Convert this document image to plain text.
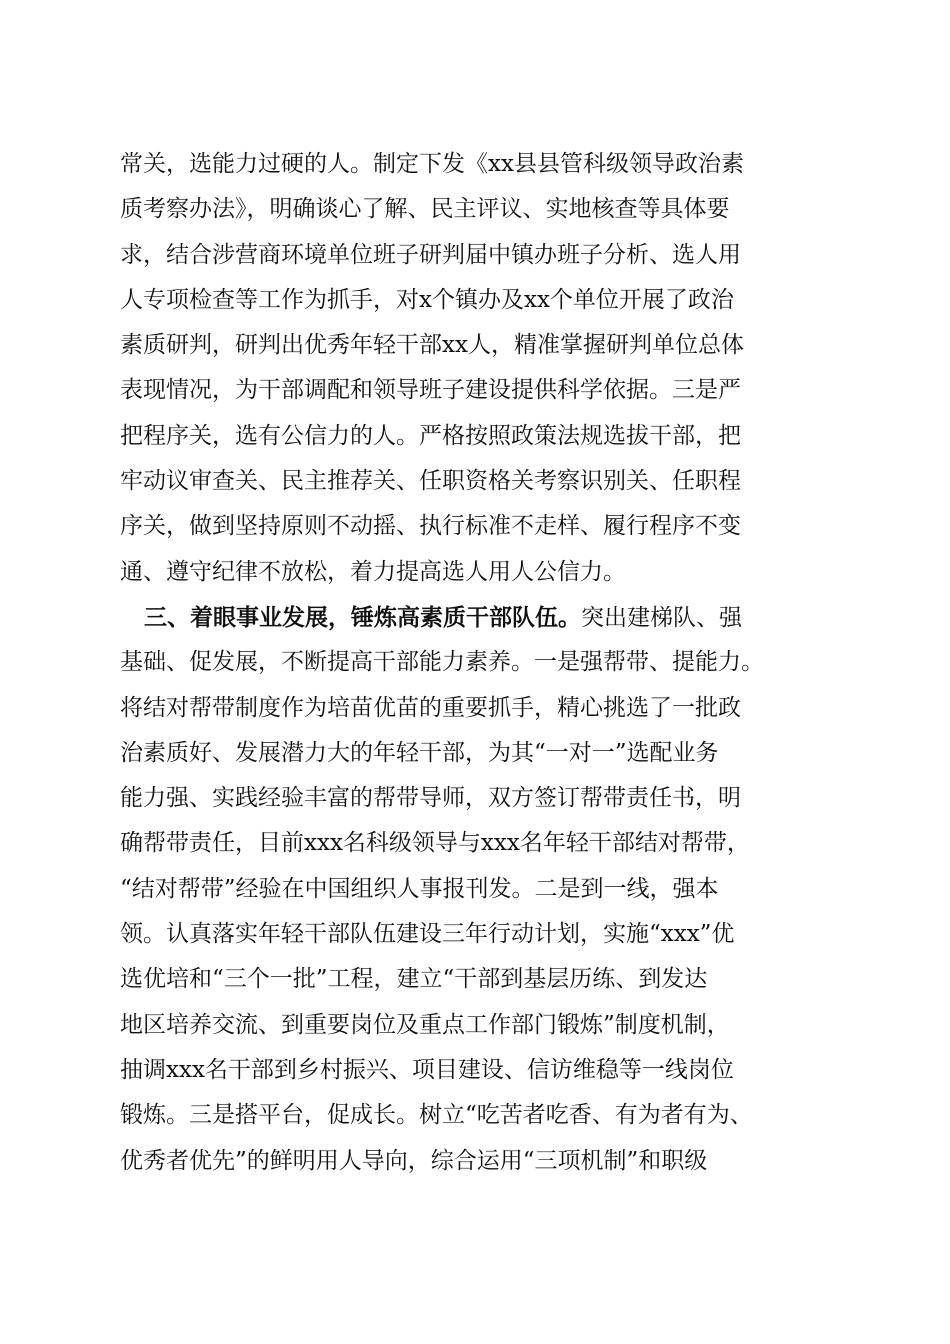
常关，选能力过硬的人。制定下发《xx县县管科级领导政治素
质考察办法》，明确谈心了解、民主评议、实地核查等具体要
求，结合涉营商环境单位班子研判届中镇办班子分析、选人用
人专项检查等工作为抓手，对x个镇办及xx个单位开展了政治
素质研判，研判出优秀年轻干部xx人，精准掌握研判单位总体
表现情况，为干部调配和领导班子建设提供科学依据。三是严
把程序关，选有公信力的人。严格按照政策法规选拔干部，把
牢动议审查关、民主推荐关、任职资格关考察识别关、任职程
序关，做到坚持原则不动摇、执行标准不走样、履行程序不变
通、遵守纪律不放松，着力提高选人用人公信力。
三、着眼事业发展，锤炼高素质干部队伍。突出建梯队、强
基础、促发展，不断提高干部能力素养。一是强帮带、提能力。
将结对帮带制度作为培苗优苗的重要抓手，精心挑选了一批政
治素质好、发展潜力大的年轻干部，为其“一对一”选配业务
能力强、实践经验丰富的帮带导师，双方签订帮带责任书，明
确帮带责任，目前xxx名科级领导与xxx名年轻干部结对帮带，
“结对帮带”经验在中国组织人事报刊发。二是到一线，强本
领。认真落实年轻干部队伍建设三年行动计划，实施“xxx”优
选优培和“三个一批”工程，建立“干部到基层历练、到发达
地区培养交流、到重要岗位及重点工作部门锻炼”制度机制，
抽调xxx名干部到乡村振兴、项目建设、信访维稳等一线岗位
锻炼。三是搭平台，促成长。树立“吃苦者吃香、有为者有为、
优秀者优先”的鲜明用人导向，综合运用“三项机制”和职级
